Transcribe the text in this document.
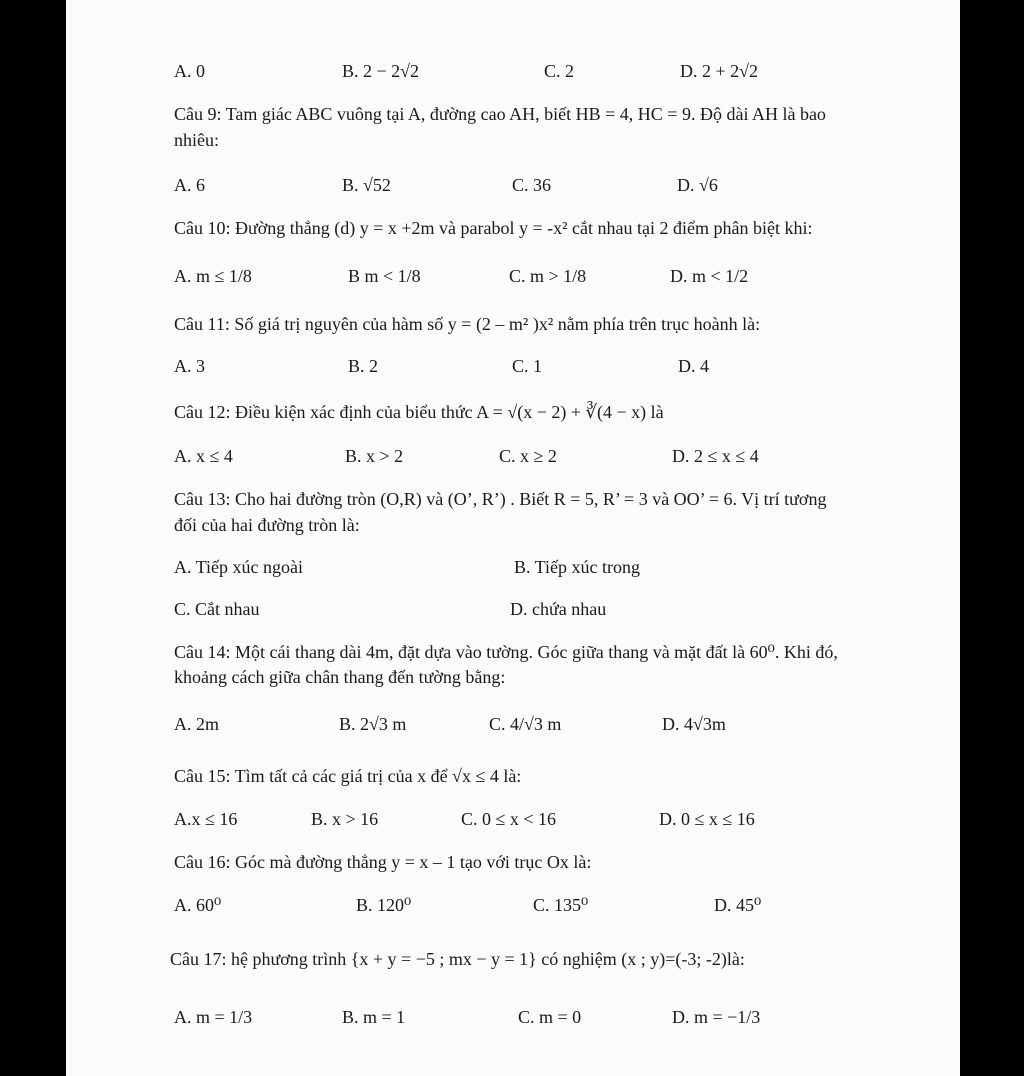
A. 0	B. 2 − 2√2	C. 2	D. 2 + 2√2
Câu 9: Tam giác ABC vuông tại A, đường cao AH, biết HB = 4, HC = 9. Độ dài AH là bao
nhiêu:
A. 6	B. √52	C. 36	D. √6
Câu 10: Đường thẳng (d) y = x +2m và parabol y = -x² cắt nhau tại 2 điểm phân biệt khi:
A. m ≤ 1/8	B m < 1/8	C. m > 1/8	D. m < 1/2
Câu 11: Số giá trị nguyên của hàm số y = (2 – m² )x² nằm phía trên trục hoành là:
A. 3	B. 2	C. 1	D. 4
Câu 12: Điều kiện xác định của biểu thức A = √(x − 2) + ∛(4 − x) là
A. x ≤ 4	B. x > 2	C. x ≥ 2	D. 2 ≤ x ≤ 4
Câu 13: Cho hai đường tròn (O,R) và (O’, R’) . Biết R = 5, R’ = 3 và OO’ = 6. Vị trí tương
đối của hai đường tròn là:
A. Tiếp xúc ngoài	B. Tiếp xúc trong
C. Cắt nhau	D. chứa nhau
Câu 14: Một cái thang dài 4m, đặt dựa vào tường. Góc giữa thang và mặt đất là 60⁰. Khi đó,
khoảng cách giữa chân thang đến tường bằng:
A. 2m	B. 2√3 m	C. 4/√3 m	D. 4√3m
Câu 15: Tìm tất cả các giá trị của x để √x ≤ 4 là:
A.x ≤ 16	B. x > 16	C. 0 ≤ x < 16	D. 0 ≤ x ≤ 16
Câu 16: Góc mà đường thẳng y = x – 1 tạo với trục Ox là:
A. 60⁰	B. 120⁰	C. 135⁰	D. 45⁰
Câu 17: hệ phương trình {x + y = −5 ; mx − y = 1} có nghiệm (x ; y)=(-3; -2)là:
A. m = 1/3	B. m = 1	C. m = 0	D. m = −1/3
